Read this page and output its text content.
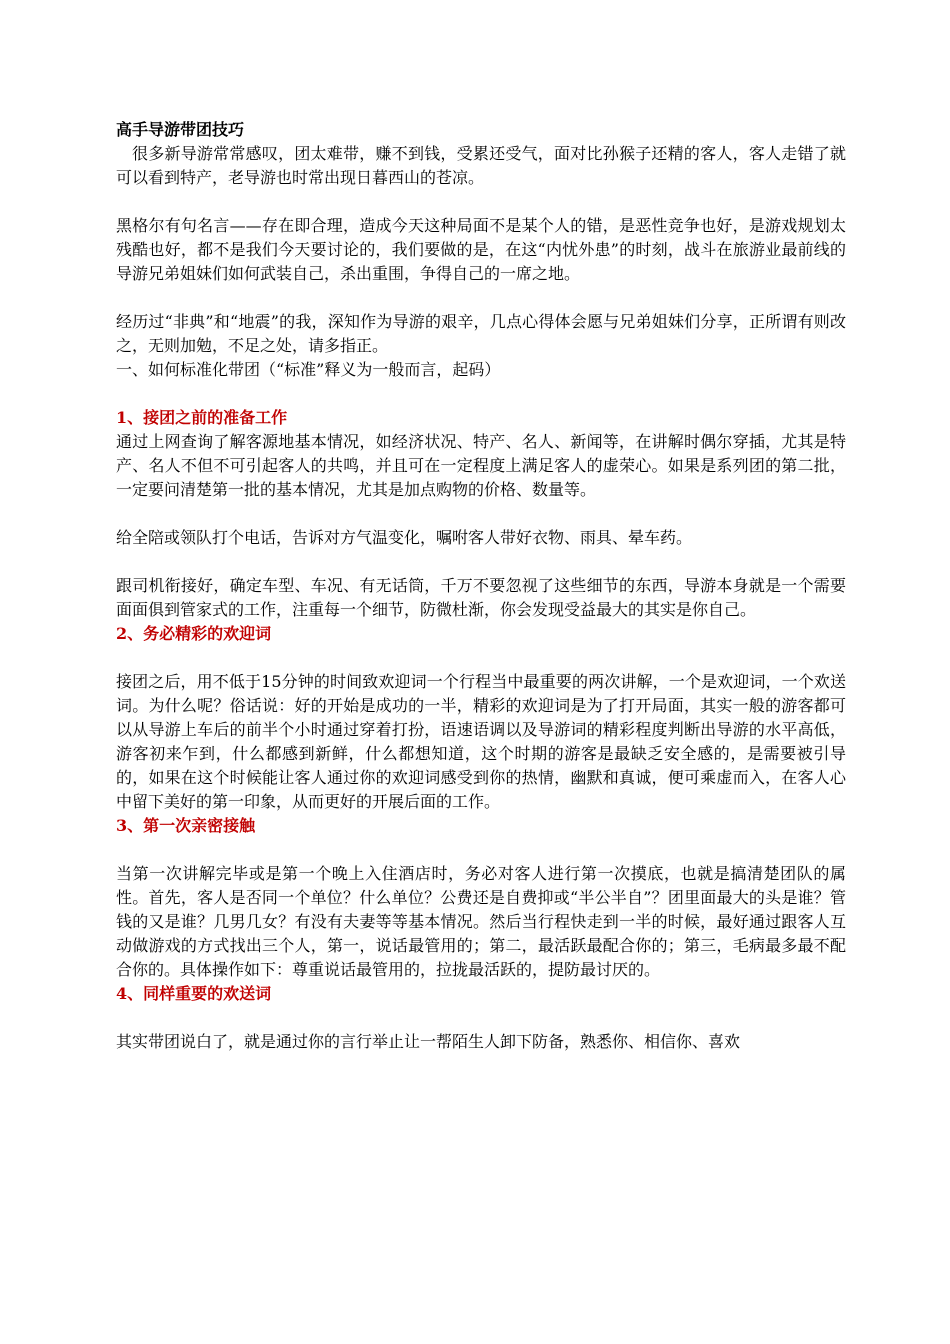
高手导游带团技巧

很多新导游常常感叹，团太难带，赚不到钱，受累还受气，面对比孙猴子还精的客人，客人走错了就可以看到特产，老导游也时常出现日暮西山的苍凉。

黑格尔有句名言——存在即合理，造成今天这种局面不是某个人的错，是恶性竞争也好，是游戏规划太残酷也好，都不是我们今天要讨论的，我们要做的是，在这“内忧外患”的时刻，战斗在旅游业最前线的导游兄弟姐妹们如何武装自己，杀出重围，争得自己的一席之地。

经历过“非典”和“地震”的我，深知作为导游的艰辛，几点心得体会愿与兄弟姐妹们分享，正所谓有则改之，无则加勉，不足之处，请多指正。

一、如何标准化带团（“标准”释义为一般而言，起码）

1、接团之前的准备工作

通过上网查询了解客源地基本情况，如经济状况、特产、名人、新闻等，在讲解时偶尔穿插，尤其是特产、名人不但不可引起客人的共鸣，并且可在一定程度上满足客人的虚荣心。如果是系列团的第二批，一定要问清楚第一批的基本情况，尤其是加点购物的价格、数量等。

给全陪或领队打个电话，告诉对方气温变化，嘱咐客人带好衣物、雨具、晕车药。

跟司机衔接好，确定车型、车况、有无话筒，千万不要忽视了这些细节的东西，导游本身就是一个需要面面俱到管家式的工作，注重每一个细节，防微杜渐，你会发现受益最大的其实是你自己。

2、务必精彩的欢迎词

接团之后，用不低于15分钟的时间致欢迎词一个行程当中最重要的两次讲解，一个是欢迎词，一个欢送词。为什么呢？俗话说：好的开始是成功的一半，精彩的欢迎词是为了打开局面，其实一般的游客都可以从导游上车后的前半个小时通过穿着打扮，语速语调以及导游词的精彩程度判断出导游的水平高低，游客初来乍到，什么都感到新鲜，什么都想知道，这个时期的游客是最缺乏安全感的，是需要被引导的，如果在这个时候能让客人通过你的欢迎词感受到你的热情，幽默和真诚，便可乘虚而入，在客人心中留下美好的第一印象，从而更好的开展后面的工作。

3、第一次亲密接触

当第一次讲解完毕或是第一个晚上入住酒店时，务必对客人进行第一次摸底，也就是搞清楚团队的属性。首先，客人是否同一个单位？什么单位？公费还是自费抑或“半公半自”？团里面最大的头是谁？管钱的又是谁？几男几女？有没有夫妻等等基本情况。然后当行程快走到一半的时候，最好通过跟客人互动做游戏的方式找出三个人，第一，说话最管用的；第二，最活跃最配合你的；第三，毛病最多最不配合你的。具体操作如下：尊重说话最管用的，拉拢最活跃的，提防最讨厌的。

4、同样重要的欢送词

其实带团说白了，就是通过你的言行举止让一帮陌生人卸下防备，熟悉你、相信你、喜欢
